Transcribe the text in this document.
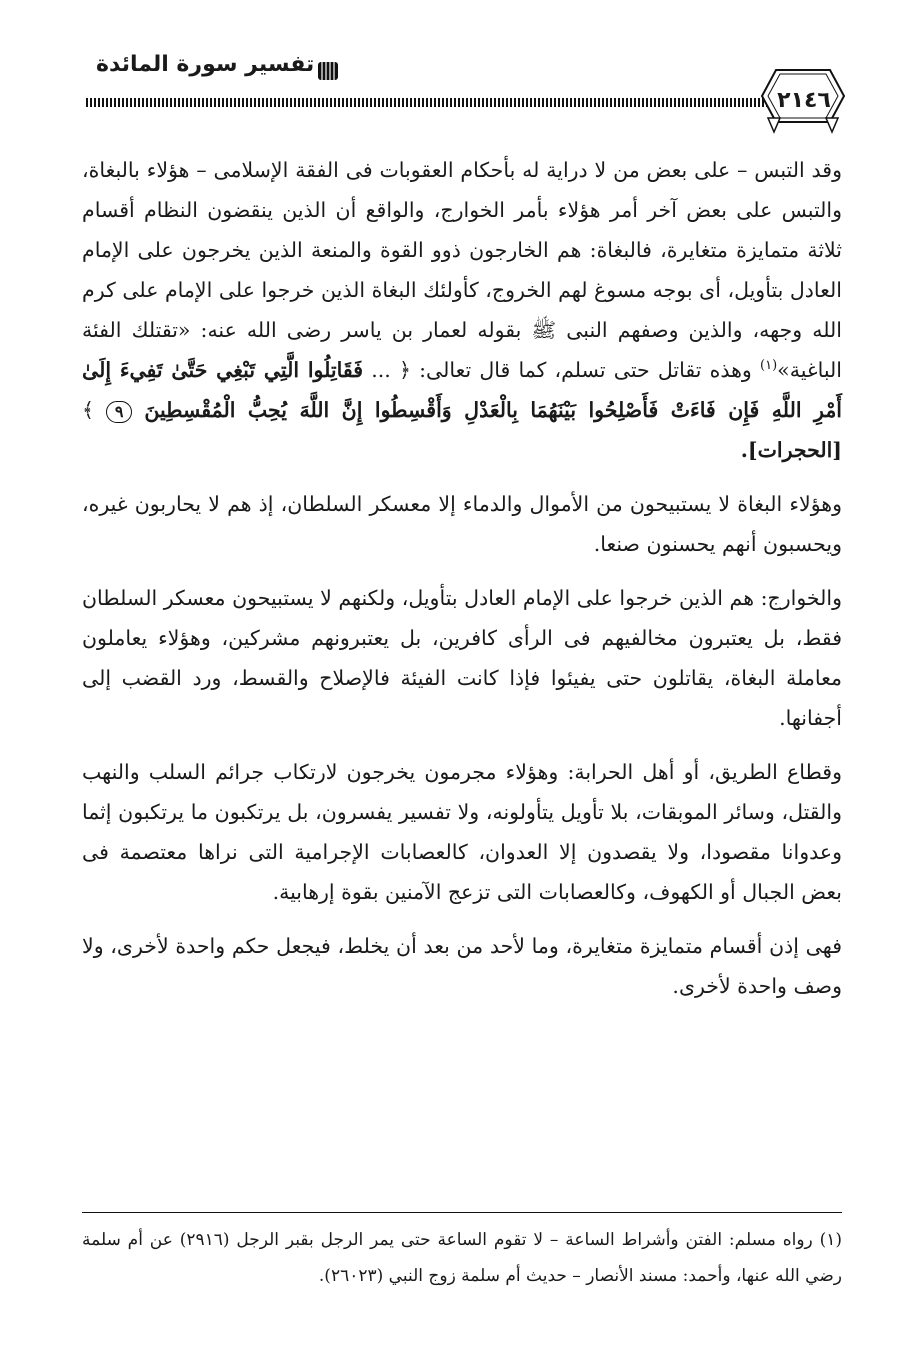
تفسير سورة المائدة
٢١٤٦

وقد التبس – على بعض من لا دراية له بأحكام العقوبات فى الفقة الإسلامى – هؤلاء بالبغاة، والتبس على بعض آخر أمر هؤلاء بأمر الخوارج، والواقع أن الذين ينقضون النظام أقسام ثلاثة متمايزة متغايرة، فالبغاة: هم الخارجون ذوو القوة والمنعة الذين يخرجون على الإمام العادل بتأويل، أى بوجه مسوغ لهم الخروج، كأولئك البغاة الذين خرجوا على الإمام على كرم الله وجهه، والذين وصفهم النبى ﷺ بقوله لعمار بن ياسر رضى الله عنه: «تقتلك الفئة الباغية»$^{(١)}$ وهذه تقاتل حتى تسلم، كما قال تعالى: ﴿ ... فَقَاتِلُوا الَّتِي تَبْغِي حَتَّىٰ تَفِيءَ إِلَىٰ أَمْرِ اللَّهِ فَإِن فَاءَتْ فَأَصْلِحُوا بَيْنَهُمَا بِالْعَدْلِ وَأَقْسِطُوا إِنَّ اللَّهَ يُحِبُّ الْمُقْسِطِينَ ٩ ﴾ [الحجرات].

وهؤلاء البغاة لا يستبيحون من الأموال والدماء إلا معسكر السلطان، إذ هم لا يحاربون غيره، ويحسبون أنهم يحسنون صنعا.

والخوارج: هم الذين خرجوا على الإمام العادل بتأويل، ولكنهم لا يستبيحون معسكر السلطان فقط، بل يعتبرون مخالفيهم فى الرأى كافرين، بل يعتبرونهم مشركين، وهؤلاء يعاملون معاملة البغاة، يقاتلون حتى يفيئوا فإذا كانت الفيئة فالإصلاح والقسط، ورد القضب إلى أجفانها.

وقطاع الطريق، أو أهل الحرابة: وهؤلاء مجرمون يخرجون لارتكاب جرائم السلب والنهب والقتل، وسائر الموبقات، بلا تأويل يتأولونه، ولا تفسير يفسرون، بل يرتكبون ما يرتكبون إثما وعدوانا مقصودا، ولا يقصدون إلا العدوان، كالعصابات الإجرامية التى نراها معتصمة فى بعض الجبال أو الكهوف، وكالعصابات التى تزعج الآمنين بقوة إرهابية.

فهى إذن أقسام متمايزة متغايرة، وما لأحد من بعد أن يخلط، فيجعل حكم واحدة لأخرى، ولا وصف واحدة لأخرى.

(١) رواه مسلم: الفتن وأشراط الساعة – لا تقوم الساعة حتى يمر الرجل بقبر الرجل (٢٩١٦) عن أم سلمة رضي الله عنها، وأحمد: مسند الأنصار – حديث أم سلمة زوج النبي (٢٦٠٢٣).
